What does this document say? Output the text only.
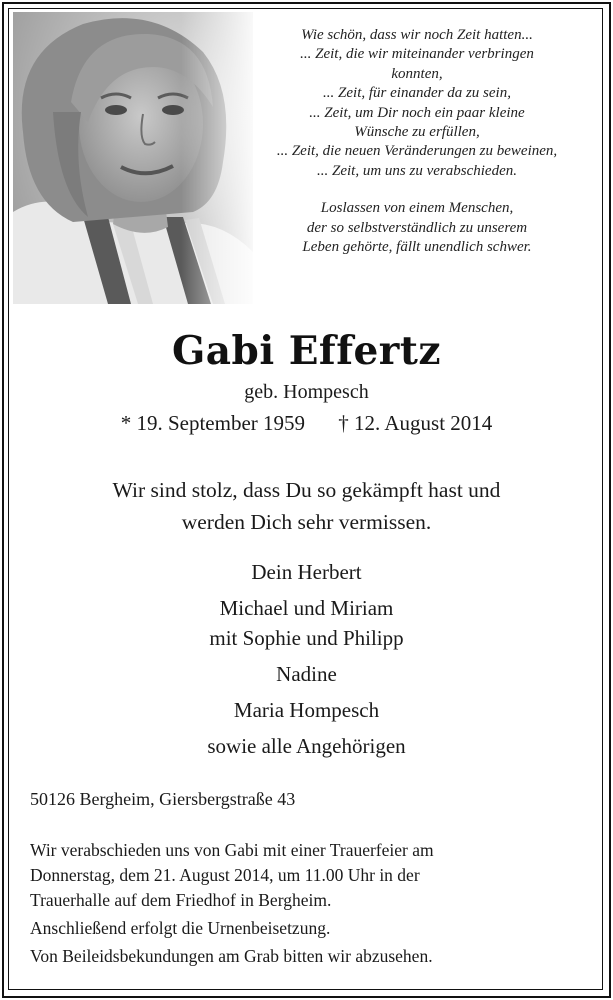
Wie schön, dass wir noch Zeit hatten...
... Zeit, die wir miteinander verbringen
konnten,
... Zeit, für einander da zu sein,
... Zeit, um Dir noch ein paar kleine
Wünsche zu erfüllen,
... Zeit, die neuen Veränderungen zu beweinen,
... Zeit, um uns zu verabschieden.
Loslassen von einem Menschen,
der so selbstverständlich zu unserem
Leben gehörte, fällt unendlich schwer.
Gabi Effertz
geb. Hompesch
* 19. September 1959 † 12. August 2014
Wir sind stolz, dass Du so gekämpft hast und
werden Dich sehr vermissen.
Dein Herbert
Michael und Miriam
mit Sophie und Philipp
Nadine
Maria Hompesch
sowie alle Angehörigen
50126 Bergheim, Giersbergstraße 43
Wir verabschieden uns von Gabi mit einer Trauerfeier am
Donnerstag, dem 21. August 2014, um 11.00 Uhr in der
Trauerhalle auf dem Friedhof in Bergheim.
Anschließend erfolgt die Urnenbeisetzung.
Von Beileidsbekundungen am Grab bitten wir abzusehen.
